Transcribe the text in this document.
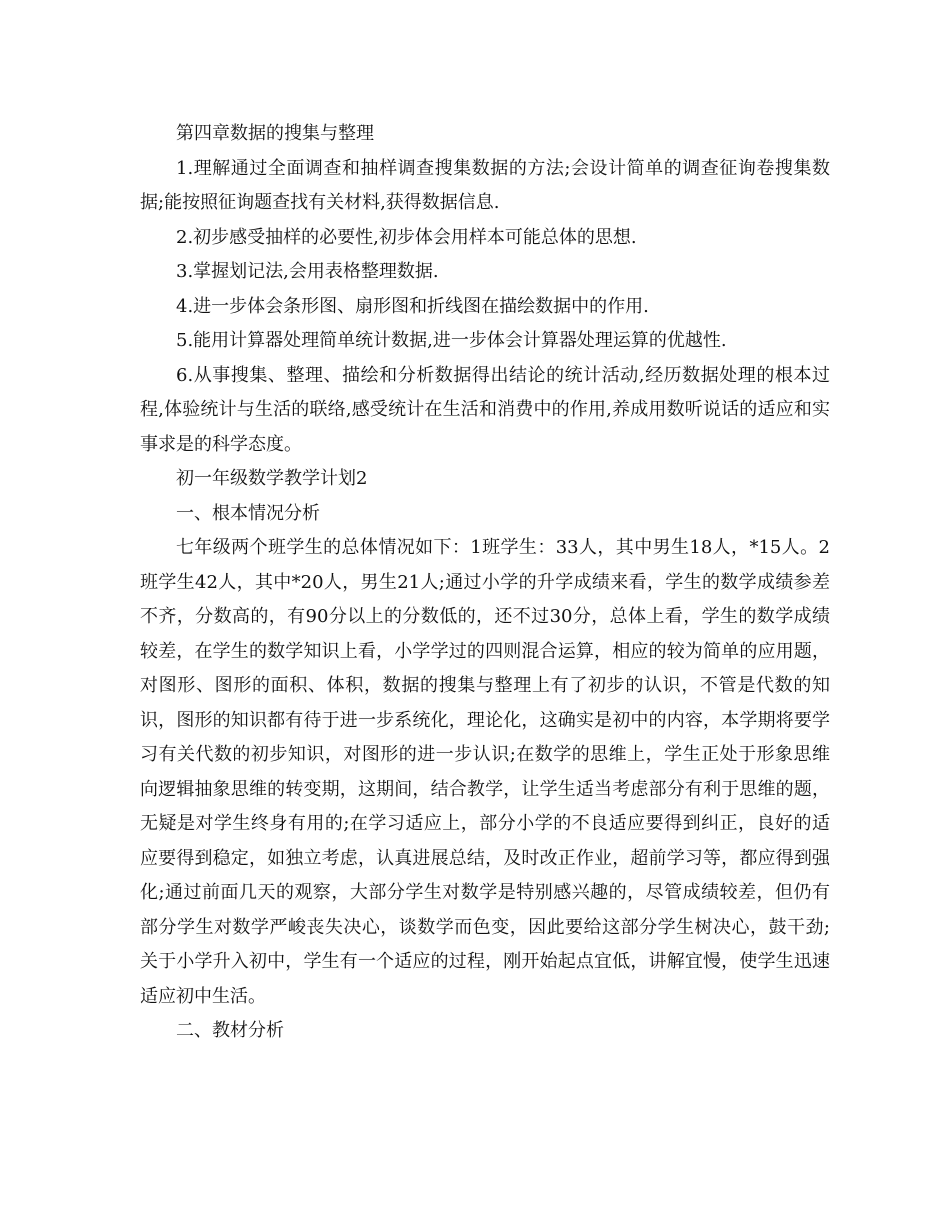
第四章数据的搜集与整理

1.理解通过全面调查和抽样调查搜集数据的方法;会设计简单的调查征询卷搜集数据;能按照征询题查找有关材料,获得数据信息.

2.初步感受抽样的必要性,初步体会用样本可能总体的思想.

3.掌握划记法,会用表格整理数据.

4.进一步体会条形图、扇形图和折线图在描绘数据中的作用.

5.能用计算器处理简单统计数据,进一步体会计算器处理运算的优越性.

6.从事搜集、整理、描绘和分析数据得出结论的统计活动,经历数据处理的根本过程,体验统计与生活的联络,感受统计在生活和消费中的作用,养成用数听说话的适应和实事求是的科学态度。

初一年级数学教学计划2

一、根本情况分析

七年级两个班学生的总体情况如下：1班学生：33人，其中男生18人，*15人。2班学生42人，其中*20人，男生21人;通过小学的升学成绩来看，学生的数学成绩参差不齐，分数高的，有90分以上的分数低的，还不过30分，总体上看，学生的数学成绩较差，在学生的数学知识上看，小学学过的四则混合运算，相应的较为简单的应用题，对图形、图形的面积、体积，数据的搜集与整理上有了初步的认识，不管是代数的知识，图形的知识都有待于进一步系统化，理论化，这确实是初中的内容，本学期将要学习有关代数的初步知识，对图形的进一步认识;在数学的思维上，学生正处于形象思维向逻辑抽象思维的转变期，这期间，结合教学，让学生适当考虑部分有利于思维的题，无疑是对学生终身有用的;在学习适应上，部分小学的不良适应要得到纠正，良好的适应要得到稳定，如独立考虑，认真进展总结，及时改正作业，超前学习等，都应得到强化;通过前面几天的观察，大部分学生对数学是特别感兴趣的，尽管成绩较差，但仍有部分学生对数学严峻丧失决心，谈数学而色变，因此要给这部分学生树决心，鼓干劲;关于小学升入初中，学生有一个适应的过程，刚开始起点宜低，讲解宜慢，使学生迅速适应初中生活。

二、教材分析
